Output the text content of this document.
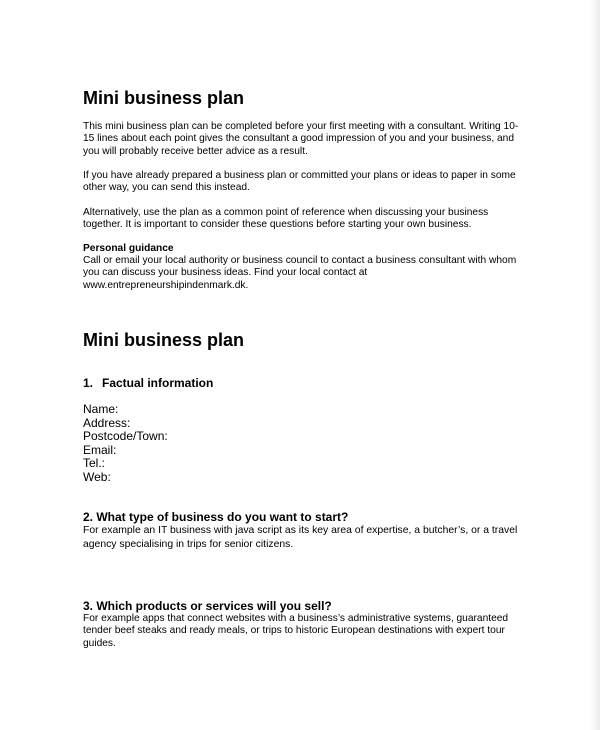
Mini business plan
This mini business plan can be completed before your first meeting with a consultant. Writing 10-15 lines about each point gives the consultant a good impression of you and your business, and you will probably receive better advice as a result.
If you have already prepared a business plan or committed your plans or ideas to paper in some other way, you can send this instead.
Alternatively, use the plan as a common point of reference when discussing your business together. It is important to consider these questions before starting your own business.
Personal guidance
Call or email your local authority or business council to contact a business consultant with whom you can discuss your business ideas. Find your local contact at www.entrepreneurshipindenmark.dk.
Mini business plan
1. Factual information
Name:
Address:
Postcode/Town:
Email:
Tel.:
Web:
2. What type of business do you want to start?
For example an IT business with java script as its key area of expertise, a butcher’s, or a travel agency specialising in trips for senior citizens.
3. Which products or services will you sell?
For example apps that connect websites with a business’s administrative systems, guaranteed tender beef steaks and ready meals, or trips to historic European destinations with expert tour guides.
